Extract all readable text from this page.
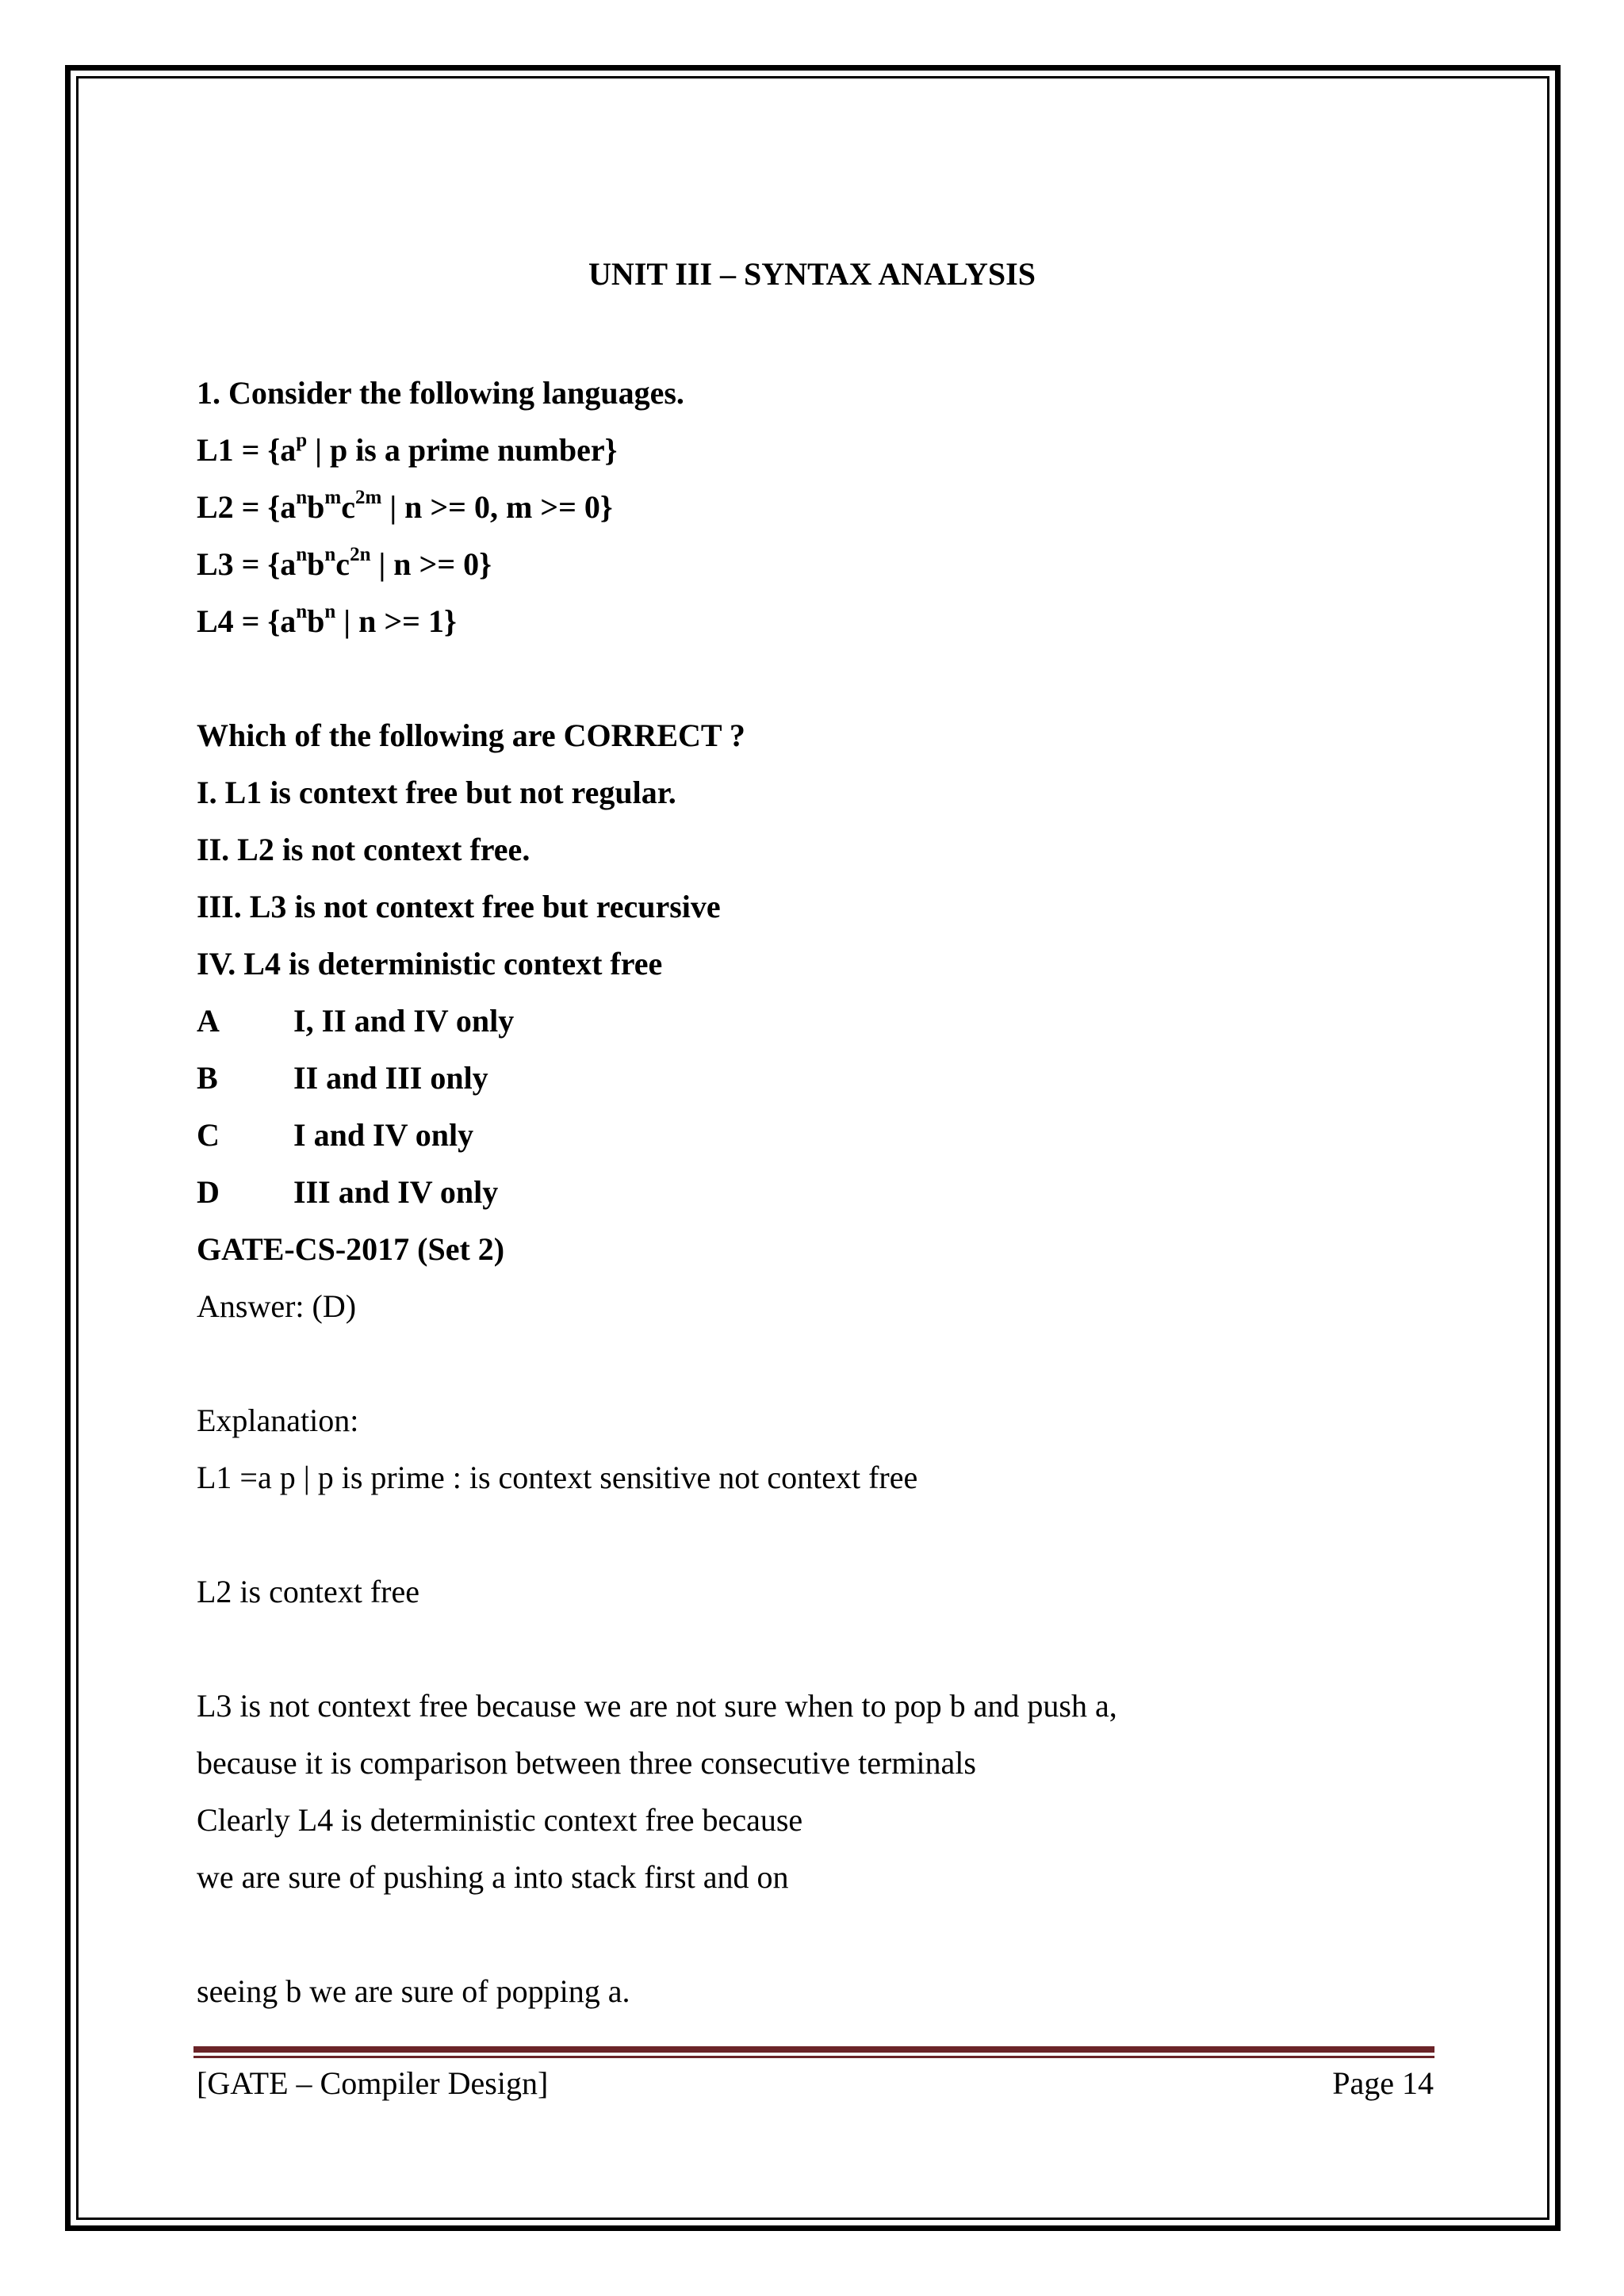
UNIT III – SYNTAX ANALYSIS
1. Consider the following languages.
$L1 = \{a^p$ | p is a prime number}
$L2 = \{a^nb^mc^{2m}$ | n >= 0, m >= 0}
$L3 = \{a^nb^nc^{2n}$ | n >= 0}
$L4 = \{a^nb^n$ | n >= 1}
Which of the following are CORRECT ?
I. L1 is context free but not regular.
II. L2 is not context free.
III. L3 is not context free but recursive
IV. L4 is deterministic context free
A I, II and IV only
B II and III only
C I and IV only
D III and IV only
GATE-CS-2017 (Set 2)
Answer: (D)
Explanation:
L1 =a p | p is prime : is context sensitive not context free
L2 is context free
L3 is not context free because we are not sure when to pop b and push a,
because it is comparison between three consecutive terminals
Clearly L4 is deterministic context free because
we are sure of pushing a into stack first and on
seeing b we are sure of popping a.
[GATE – Compiler Design]	Page 14
